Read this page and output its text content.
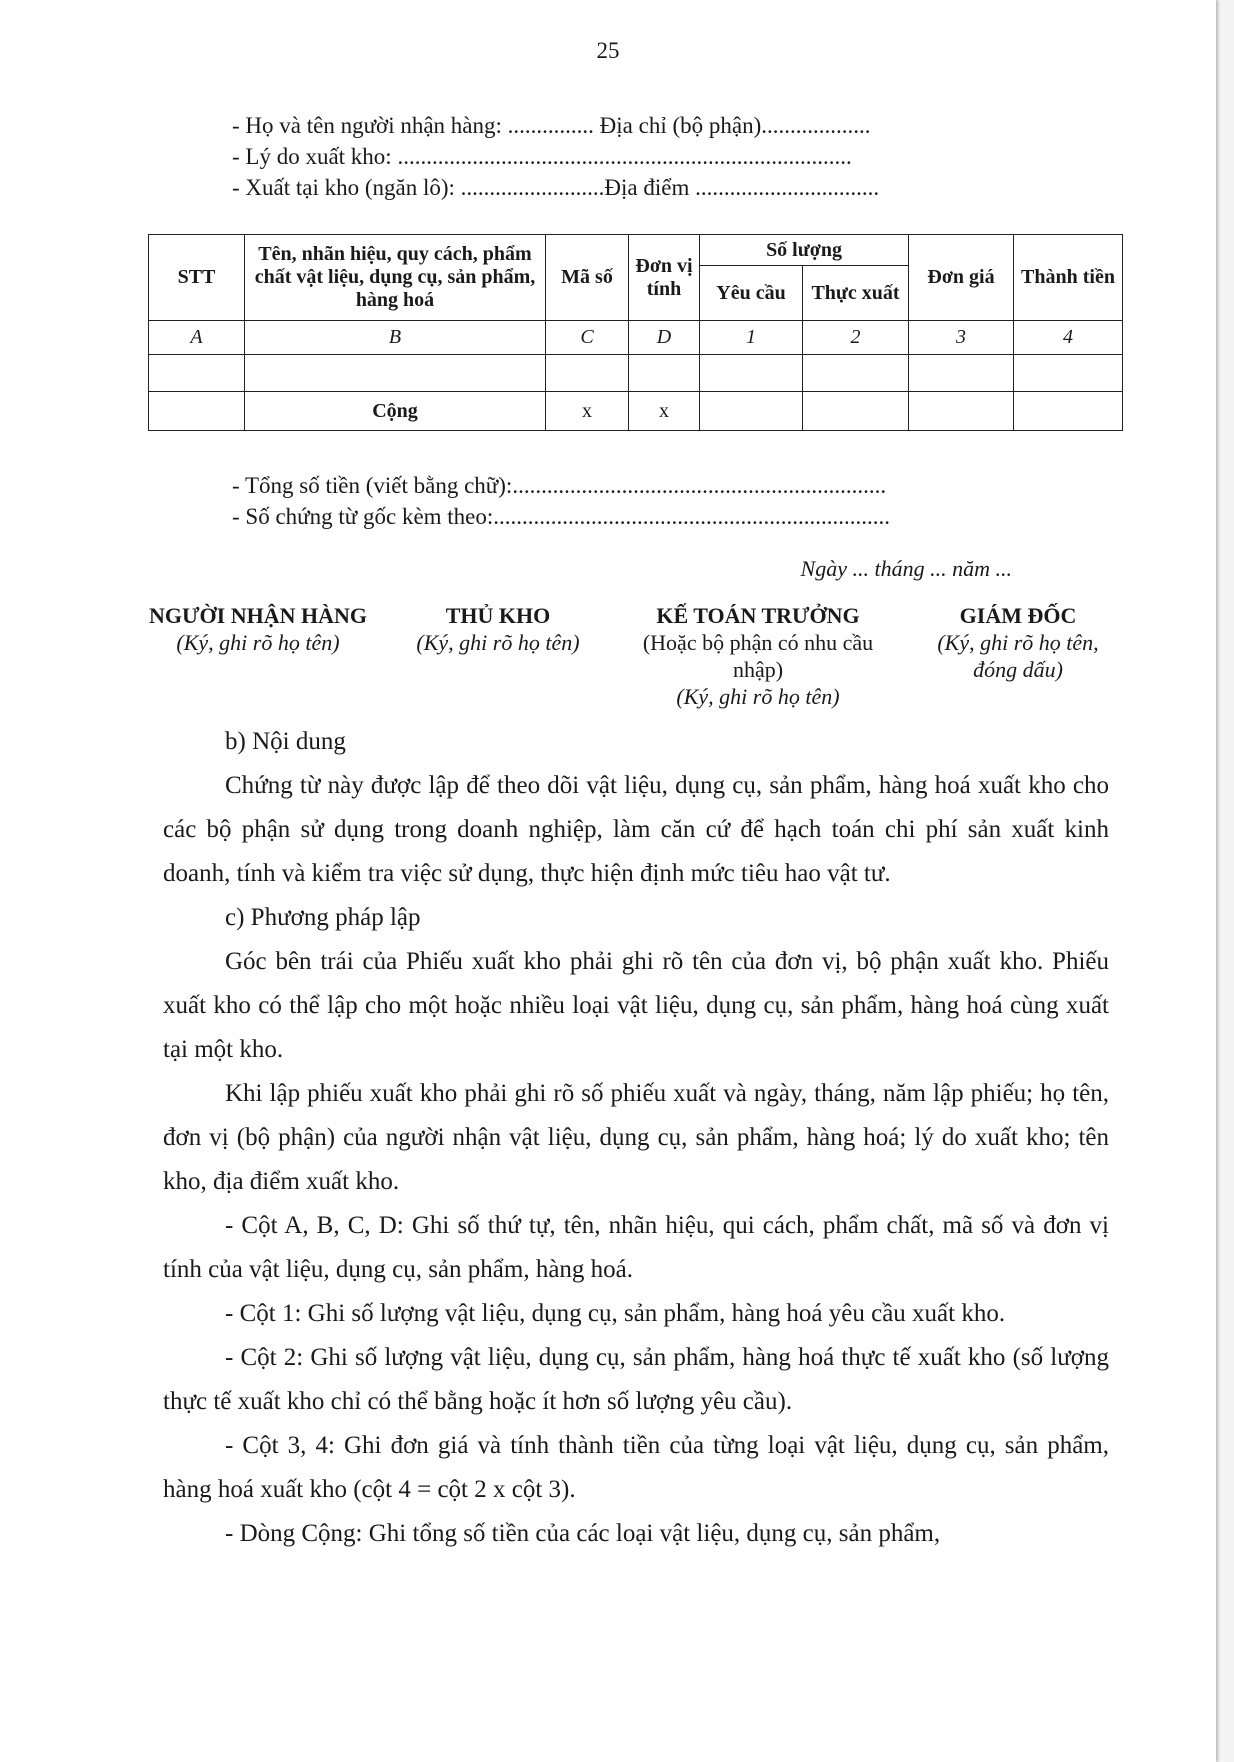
25
- Họ và tên người nhận hàng: ............... Địa chỉ (bộ phận)...................
- Lý do xuất kho: ...............................................................................
- Xuất tại kho (ngăn lô): .........................Địa điểm ................................
STT	Tên, nhãn hiệu, quy cách, phẩm chất vật liệu, dụng cụ, sản phẩm, hàng hoá	Mã số	Đơn vị tính	Số lượng		Đơn giá	Thành tiền
				Yêu cầu	Thực xuất		
A	B	C	D	1	2	3	4

	Cộng	x	x				
- Tổng số tiền (viết bằng chữ):.................................................................
- Số chứng từ gốc kèm theo:.....................................................................
Ngày ... tháng ... năm ...
NGƯỜI NHẬN HÀNG
(Ký, ghi rõ họ tên)
THỦ KHO
(Ký, ghi rõ họ tên)
KẾ TOÁN TRƯỞNG
(Hoặc bộ phận có nhu cầu nhập)
(Ký, ghi rõ họ tên)
GIÁM ĐỐC
(Ký, ghi rõ họ tên, đóng dấu)

b) Nội dung

Chứng từ này được lập để theo dõi vật liệu, dụng cụ, sản phẩm, hàng hoá xuất kho cho các bộ phận sử dụng trong doanh nghiệp, làm căn cứ để hạch toán chi phí sản xuất kinh doanh, tính và kiểm tra việc sử dụng, thực hiện định mức tiêu hao vật tư.

c) Phương pháp lập

Góc bên trái của Phiếu xuất kho phải ghi rõ tên của đơn vị, bộ phận xuất kho. Phiếu xuất kho có thể lập cho một hoặc nhiều loại vật liệu, dụng cụ, sản phẩm, hàng hoá cùng xuất tại một kho.

Khi lập phiếu xuất kho phải ghi rõ số phiếu xuất và ngày, tháng, năm lập phiếu; họ tên, đơn vị (bộ phận) của người nhận vật liệu, dụng cụ, sản phẩm, hàng hoá; lý do xuất kho; tên kho, địa điểm xuất kho.

- Cột A, B, C, D: Ghi số thứ tự, tên, nhãn hiệu, qui cách, phẩm chất, mã số và đơn vị tính của vật liệu, dụng cụ, sản phẩm, hàng hoá.

- Cột 1: Ghi số lượng vật liệu, dụng cụ, sản phẩm, hàng hoá yêu cầu xuất kho.

- Cột 2: Ghi số lượng vật liệu, dụng cụ, sản phẩm, hàng hoá thực tế xuất kho (số lượng thực tế xuất kho chỉ có thể bằng hoặc ít hơn số lượng yêu cầu).

- Cột 3, 4: Ghi đơn giá và tính thành tiền của từng loại vật liệu, dụng cụ, sản phẩm, hàng hoá xuất kho (cột 4 = cột 2 x cột 3).

- Dòng Cộng: Ghi tổng số tiền của các loại vật liệu, dụng cụ, sản phẩm,
